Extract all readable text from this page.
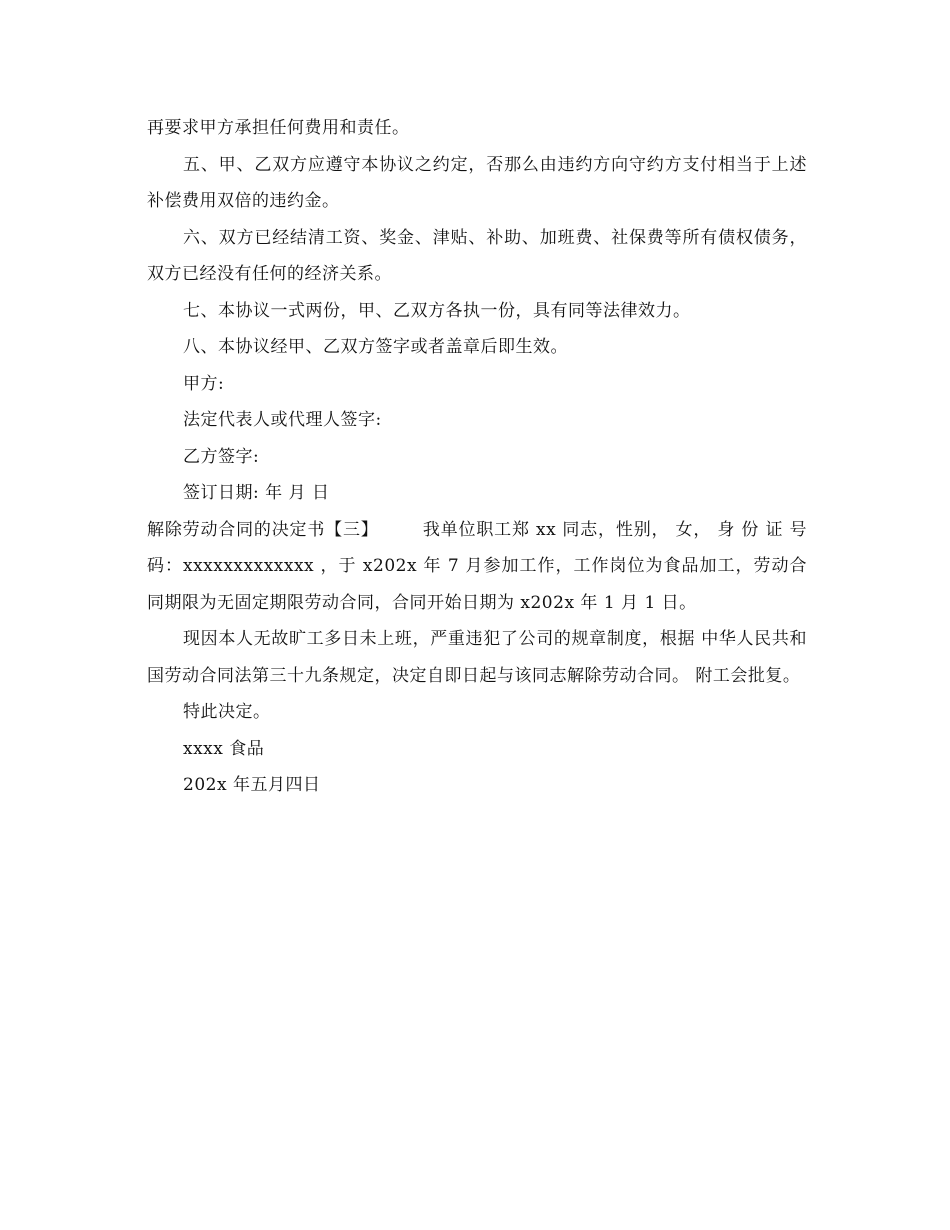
再要求甲方承担任何费用和责任。

五、甲、乙双方应遵守本协议之约定，否那么由违约方向守约方支付相当于上述补偿费用双倍的违约金。

六、双方已经结清工资、奖金、津贴、补助、加班费、社保费等所有债权债务，双方已经没有任何的经济关系。

七、本协议一式两份，甲、乙双方各执一份，具有同等法律效力。

八、本协议经甲、乙双方签字或者盖章后即生效。

甲方:

法定代表人或代理人签字:

乙方签字:

签订日期: 年 月 日

解除劳动合同的决定书【三】	我单位职工郑 xx 同志，性别， 女， 身 份 证 号 码：xxxxxxxxxxxxx ，于 x202x 年 7 月参加工作，工作岗位为食品加工，劳动合同期限为无固定期限劳动合同，合同开始日期为 x202x 年 1 月 1 日。

现因本人无故旷工多日未上班，严重违犯了公司的规章制度，根据 中华人民共和国劳动合同法第三十九条规定，决定自即日起与该同志解除劳动合同。 附工会批复。

特此决定。

xxxx 食品

202x 年五月四日
